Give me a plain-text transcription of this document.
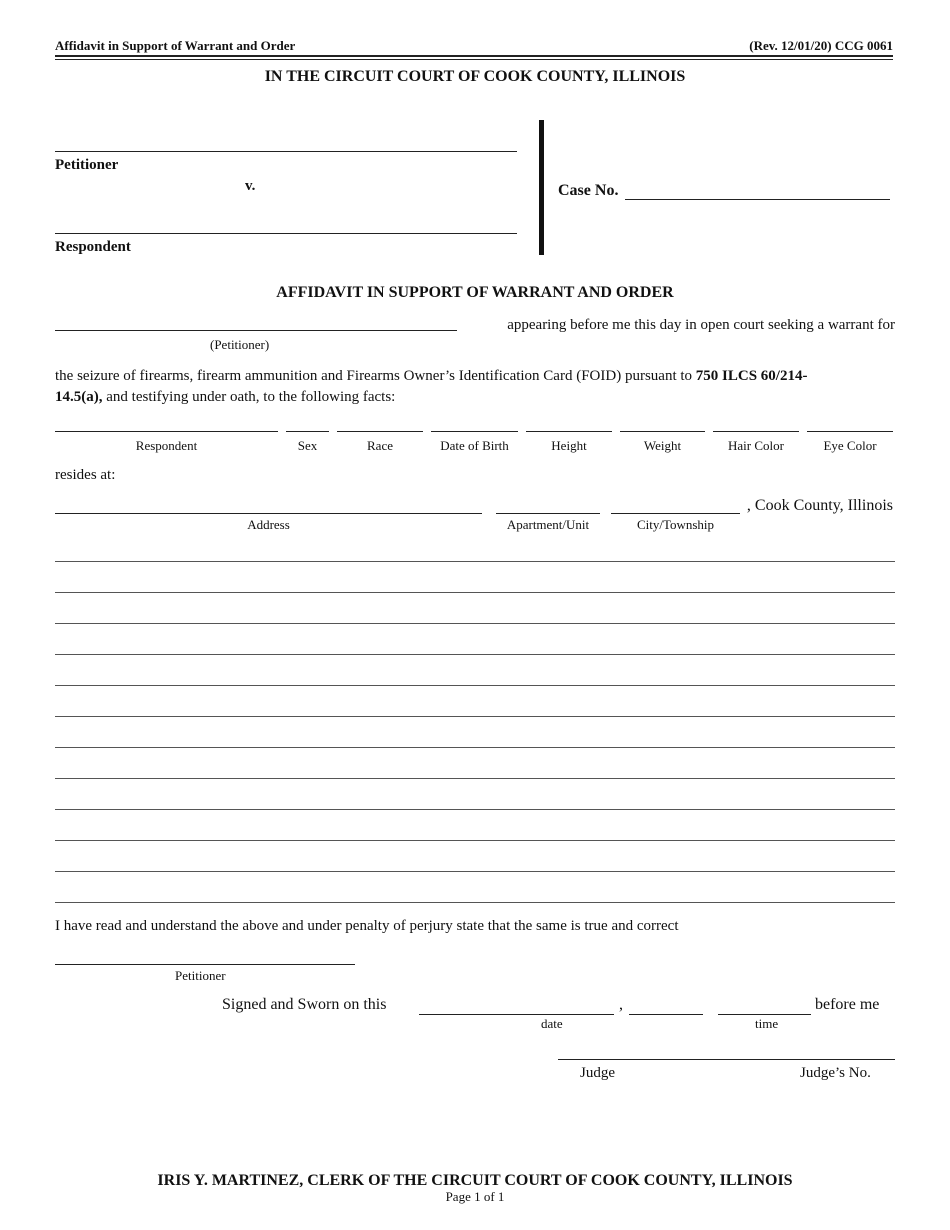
Affidavit in Support of Warrant and Order	(Rev. 12/01/20) CCG 0061
IN THE CIRCUIT COURT OF COOK COUNTY, ILLINOIS
Petitioner
v.
Respondent
Case No.
AFFIDAVIT IN SUPPORT OF WARRANT AND ORDER
appearing before me this day in open court seeking a warrant for
(Petitioner)
the seizure of firearms, firearm ammunition and Firearms Owner’s Identification Card (FOID) pursuant to 750 ILCS 60/214-
14.5(a), and testifying under oath, to the following facts:
Respondent	Sex	Race	Date of Birth	Height	Weight	Hair Color	Eye Color
resides at:
Address	Apartment/Unit	City/Township
, Cook County, Illinois
I have read and understand the above and under penalty of perjury state that the same is true and correct
Petitioner
Signed and Sworn on this	,	before me
date	time
Judge	Judge’s No.
IRIS Y. MARTINEZ, CLERK OF THE CIRCUIT COURT OF COOK COUNTY, ILLINOIS
Page 1 of 1
